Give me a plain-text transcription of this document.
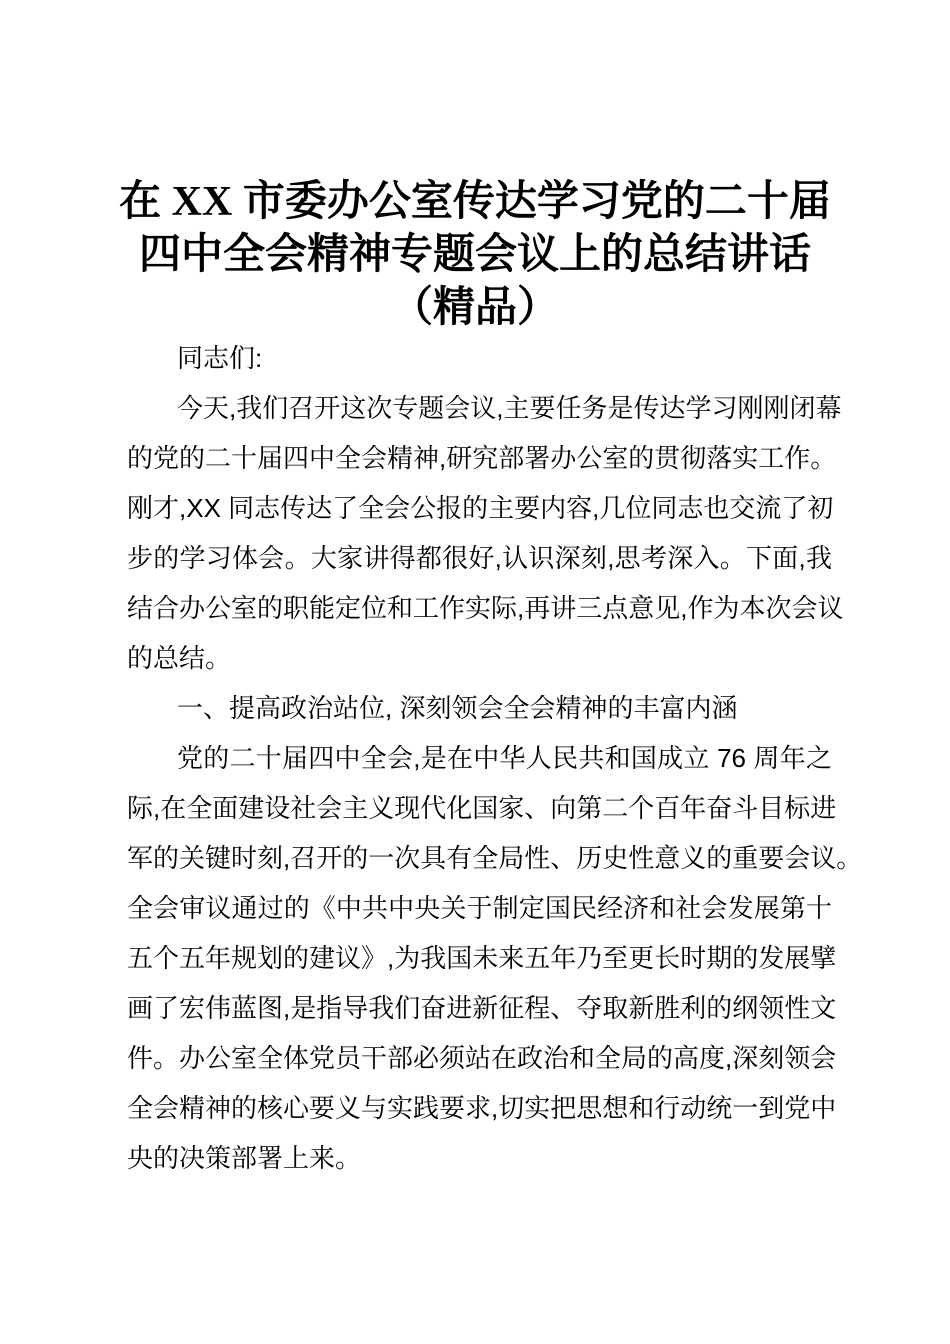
在 XX 市委办公室传达学习党的二十届
四中全会精神专题会议上的总结讲话
（精品）
同志们:
今天,我们召开这次专题会议,主要任务是传达学习刚刚闭幕
的党的二十届四中全会精神,研究部署办公室的贯彻落实工作。
刚才,XX 同志传达了全会公报的主要内容,几位同志也交流了初
步的学习体会。大家讲得都很好,认识深刻,思考深入。下面,我
结合办公室的职能定位和工作实际,再讲三点意见,作为本次会议
的总结。
一、提高政治站位, 深刻领会全会精神的丰富内涵
党的二十届四中全会,是在中华人民共和国成立 76 周年之
际,在全面建设社会主义现代化国家、向第二个百年奋斗目标进
军的关键时刻,召开的一次具有全局性、历史性意义的重要会议。
全会审议通过的《中共中央关于制定国民经济和社会发展第十
五个五年规划的建议》,为我国未来五年乃至更长时期的发展擘
画了宏伟蓝图,是指导我们奋进新征程、夺取新胜利的纲领性文
件。办公室全体党员干部必须站在政治和全局的高度,深刻领会
全会精神的核心要义与实践要求,切实把思想和行动统一到党中
央的决策部署上来。
